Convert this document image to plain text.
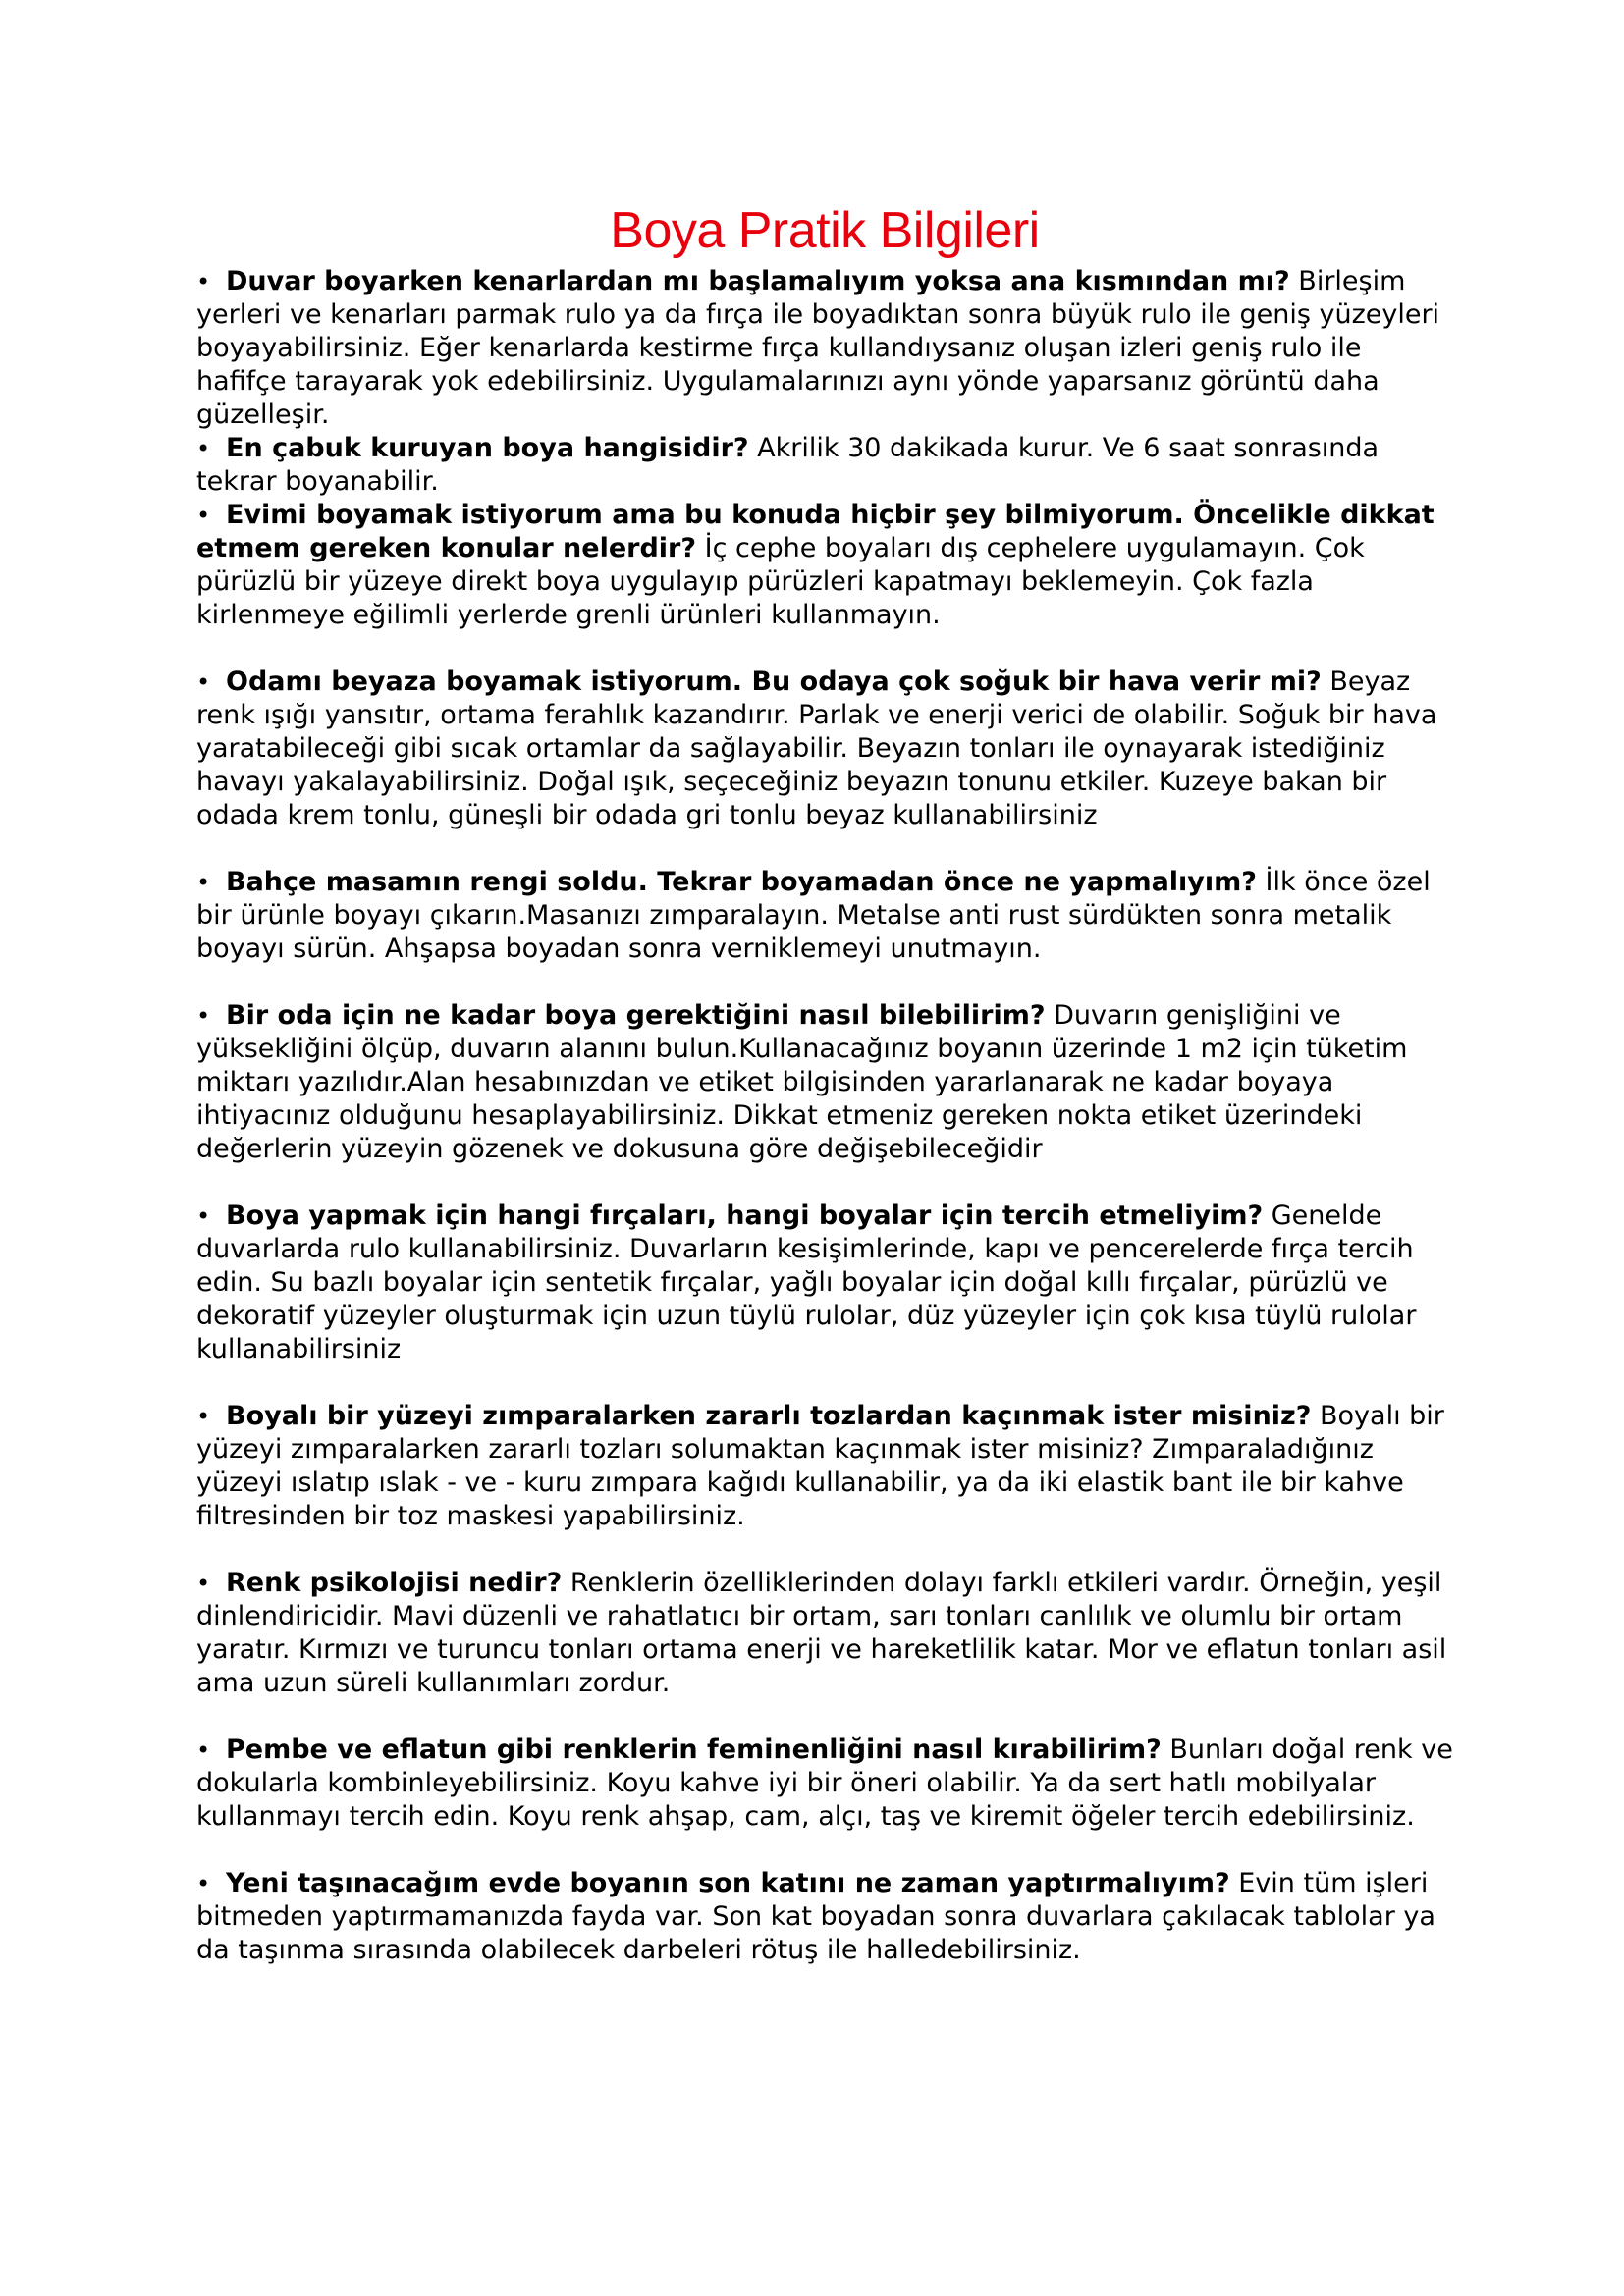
Boya Pratik Bilgileri

• Duvar boyarken kenarlardan mı başlamalıyım yoksa ana kısmından mı? Birleşim yerleri ve kenarları parmak rulo ya da fırça ile boyadıktan sonra büyük rulo ile geniş yüzeyleri boyayabilirsiniz. Eğer kenarlarda kestirme fırça kullandıysanız oluşan izleri geniş rulo ile hafifçe tarayarak yok edebilirsiniz. Uygulamalarınızı aynı yönde yaparsanız görüntü daha güzelleşir.

• En çabuk kuruyan boya hangisidir? Akrilik 30 dakikada kurur. Ve 6 saat sonrasında tekrar boyanabilir.

• Evimi boyamak istiyorum ama bu konuda hiçbir şey bilmiyorum. Öncelikle dikkat etmem gereken konular nelerdir? İç cephe boyaları dış cephelere uygulamayın. Çok pürüzlü bir yüzeye direkt boya uygulayıp pürüzleri kapatmayı beklemeyin. Çok fazla kirlenmeye eğilimli yerlerde grenli ürünleri kullanmayın.

• Odamı beyaza boyamak istiyorum. Bu odaya çok soğuk bir hava verir mi? Beyaz renk ışığı yansıtır, ortama ferahlık kazandırır. Parlak ve enerji verici de olabilir. Soğuk bir hava yaratabileceği gibi sıcak ortamlar da sağlayabilir. Beyazın tonları ile oynayarak istediğiniz havayı yakalayabilirsiniz. Doğal ışık, seçeceğiniz beyazın tonunu etkiler. Kuzeye bakan bir odada krem tonlu, güneşli bir odada gri tonlu beyaz kullanabilirsiniz

• Bahçe masamın rengi soldu. Tekrar boyamadan önce ne yapmalıyım? İlk önce özel bir ürünle boyayı çıkarın.Masanızı zımparalayın. Metalse anti rust sürdükten sonra metalik boyayı sürün. Ahşapsa boyadan sonra verniklemeyi unutmayın.

• Bir oda için ne kadar boya gerektiğini nasıl bilebilirim? Duvarın genişliğini ve yüksekliğini ölçüp, duvarın alanını bulun.Kullanacağınız boyanın üzerinde 1 m2 için tüketim miktarı yazılıdır.Alan hesabınızdan ve etiket bilgisinden yararlanarak ne kadar boyaya ihtiyacınız olduğunu hesaplayabilirsiniz. Dikkat etmeniz gereken nokta etiket üzerindeki değerlerin yüzeyin gözenek ve dokusuna göre değişebileceğidir

• Boya yapmak için hangi fırçaları, hangi boyalar için tercih etmeliyim? Genelde duvarlarda rulo kullanabilirsiniz. Duvarların kesişimlerinde, kapı ve pencerelerde fırça tercih edin. Su bazlı boyalar için sentetik fırçalar, yağlı boyalar için doğal kıllı fırçalar, pürüzlü ve dekoratif yüzeyler oluşturmak için uzun tüylü rulolar, düz yüzeyler için çok kısa tüylü rulolar kullanabilirsiniz

• Boyalı bir yüzeyi zımparalarken zararlı tozlardan kaçınmak ister misiniz? Boyalı bir yüzeyi zımparalarken zararlı tozları solumaktan kaçınmak ister misiniz? Zımparaladığınız yüzeyi ıslatıp ıslak - ve - kuru zımpara kağıdı kullanabilir, ya da iki elastik bant ile bir kahve filtresinden bir toz maskesi yapabilirsiniz.

• Renk psikolojisi nedir? Renklerin özelliklerinden dolayı farklı etkileri vardır. Örneğin, yeşil dinlendiricidir. Mavi düzenli ve rahatlatıcı bir ortam, sarı tonları canlılık ve olumlu bir ortam yaratır. Kırmızı ve turuncu tonları ortama enerji ve hareketlilik katar. Mor ve eflatun tonları asil ama uzun süreli kullanımları zordur.

• Pembe ve eflatun gibi renklerin feminenliğini nasıl kırabilirim? Bunları doğal renk ve dokularla kombinleyebilirsiniz. Koyu kahve iyi bir öneri olabilir. Ya da sert hatlı mobilyalar kullanmayı tercih edin. Koyu renk ahşap, cam, alçı, taş ve kiremit öğeler tercih edebilirsiniz.

• Yeni taşınacağım evde boyanın son katını ne zaman yaptırmalıyım? Evin tüm işleri bitmeden yaptırmamanızda fayda var. Son kat boyadan sonra duvarlara çakılacak tablolar ya da taşınma sırasında olabilecek darbeleri rötuş ile halledebilirsiniz.
